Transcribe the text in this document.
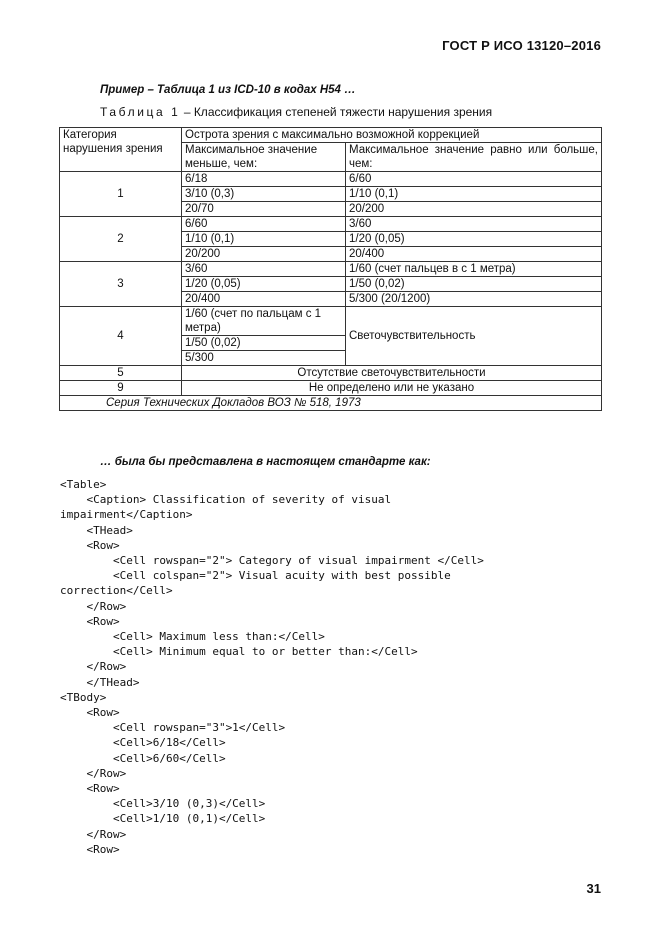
ГОСТ Р ИСО 13120–2016
Пример – Таблица 1 из ICD-10 в кодах H54 …
Таблица 1 – Классификация степеней тяжести нарушения зрения
Категория нарушения зрения	Острота зрения с максимально возможной коррекцией	
	Максимальное значение меньше, чем:	Максимальное значение равно или больше, чем:
1	6/18	6/60
	3/10 (0,3)	1/10 (0,1)
	20/70	20/200
2	6/60	3/60
	1/10 (0,1)	1/20 (0,05)
	20/200	20/400
3	3/60	1/60 (счет пальцев в с 1 метра)
	1/20 (0,05)	1/50 (0,02)
	20/400	5/300 (20/1200)
4	1/60 (счет по пальцам с 1 метра)	Светочувствительность
	1/50 (0,02)	
	5/300	
5	Отсутствие светочувствительности	
9	Не определено или не указано	
Серия Технических Докладов ВОЗ № 518, 1973		
… была бы представлена в настоящем стандарте как:
<Table>
<Caption> Classification of severity of visual
impairment</Caption>
<THead>
<Row>
<Cell rowspan="2"> Category of visual impairment </Cell>
<Cell colspan="2"> Visual acuity with best possible
correction</Cell>
</Row>
<Row>
<Cell> Maximum less than:</Cell>
<Cell> Minimum equal to or better than:</Cell>
</Row>
</THead>
<TBody>
<Row>
<Cell rowspan="3">1</Cell>
<Cell>6/18</Cell>
<Cell>6/60</Cell>
</Row>
<Row>
<Cell>3/10 (0,3)</Cell>
<Cell>1/10 (0,1)</Cell>
</Row>
<Row>
31
